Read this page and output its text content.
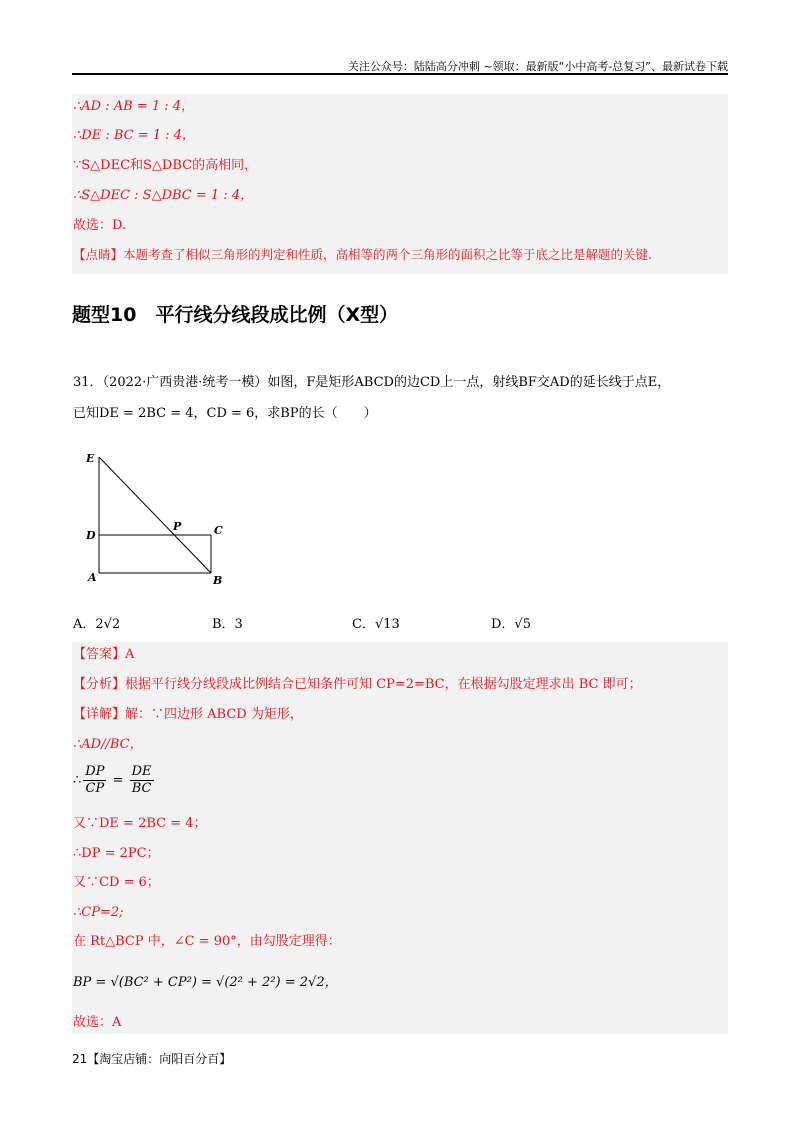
关注公众号：陆陆高分冲刺 ~领取：最新版“小中高考-总复习”、最新试卷下载
∴AD : AB = 1 : 4，
∴DE : BC = 1 : 4，
∵S△DEC和S△DBC的高相同，
∴S△DEC : S△DBC = 1 : 4，
故选：D.
【点睛】本题考查了相似三角形的判定和性质，高相等的两个三角形的面积之比等于底之比是解题的关键.
题型10　平行线分线段成比例（X型）
31．（2022·广西贵港·统考一模）如图，F是矩形ABCD的边CD上一点，射线BF交AD的延长线于点E，
已知DE = 2BC = 4，CD = 6，求BP的长（　　）
E
D
P	C
A	B
A．2√2	B．3	C．√13	D．√5
【答案】A
【分析】根据平行线分线段成比例结合已知条件可知 CP=2=BC，在根据勾股定理求出 BC 即可；
【详解】解：∵四边形 ABCD 为矩形，
∴AD//BC，
∴ $\frac{DP}{CP} = \frac{DE}{BC}$
又∵DE = 2BC = 4；
∴DP = 2PC；
又∵CD = 6；
∴CP=2;
在 Rt△BCP 中，∠C = 90°，由勾股定理得：
BP = √(BC² + CP²) = √(2² + 2²) = 2√2，
故选：A
21【淘宝店铺：向阳百分百】
